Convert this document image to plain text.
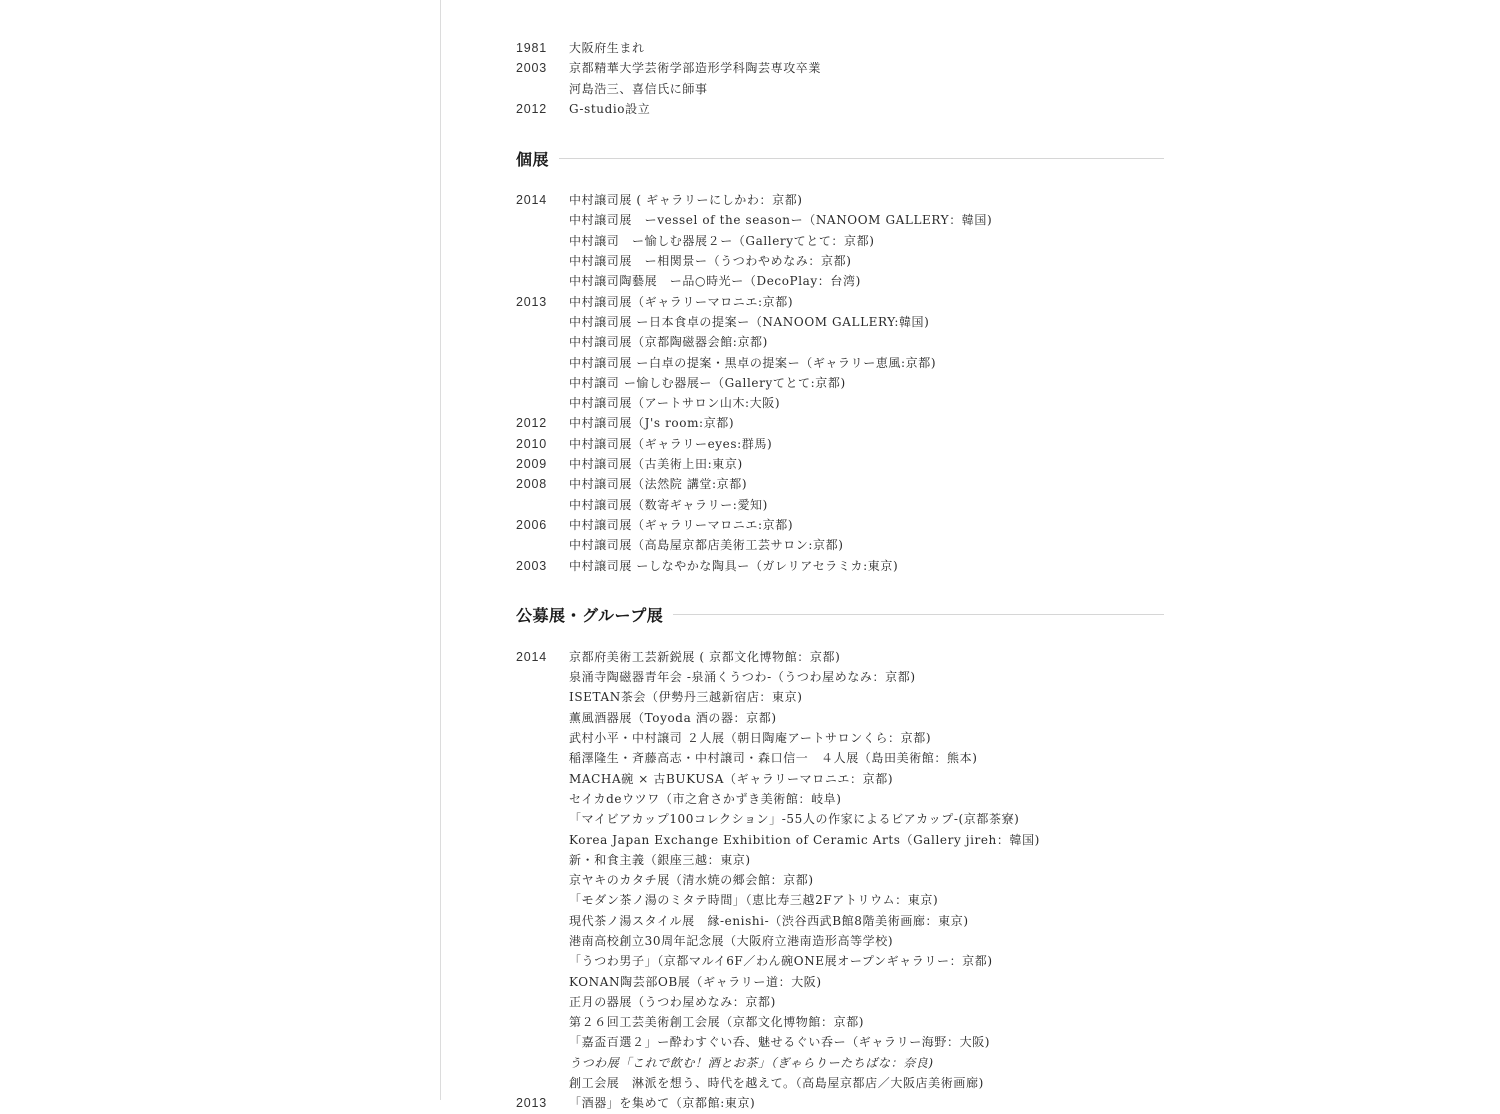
1981	大阪府生まれ
2003	京都精華大学芸術学部造形学科陶芸専攻卒業
河島浩三、喜信氏に師事
2012	G-studio設立
個展
2014	中村譲司展 ( ギャラリーにしかわ：京都)
中村譲司展　ーvessel of the seasonー（NANOOM GALLERY：韓国)
中村譲司　ー愉しむ器展２ー（Galleryてとて：京都)
中村譲司展　ー相関景ー（うつわやめなみ：京都)
中村譲司陶藝展　ー品○時光ー（DecoPlay：台湾)
2013	中村譲司展（ギャラリーマロニエ:京都)
中村譲司展 ー日本食卓の提案ー（NANOOM GALLERY:韓国)
中村譲司展（京都陶磁器会館:京都)
中村譲司展 ー白卓の提案・黒卓の提案ー（ギャラリー恵風:京都)
中村譲司 ー愉しむ器展ー（Galleryてとて:京都)
中村譲司展（アートサロン山木:大阪)
2012	中村譲司展（J's room:京都)
2010	中村譲司展（ギャラリーeyes:群馬)
2009	中村譲司展（古美術上田:東京)
2008	中村譲司展（法然院 講堂:京都)
中村譲司展（数寄ギャラリー:愛知)
2006	中村譲司展（ギャラリーマロニエ:京都)
中村譲司展（高島屋京都店美術工芸サロン:京都)
2003	中村譲司展 ーしなやかな陶具ー（ガレリアセラミカ:東京)
公募展・グループ展
2014	京都府美術工芸新鋭展 ( 京都文化博物館：京都)
泉涌寺陶磁器青年会 -泉涌くうつわ-（うつわ屋めなみ：京都)
ISETAN茶会（伊勢丹三越新宿店：東京)
薫風酒器展（Toyoda 酒の器：京都)
武村小平・中村譲司 ２人展（朝日陶庵アートサロンくら：京都)
稲澤隆生・斉藤高志・中村譲司・森口信一　４人展（島田美術館：熊本)
MACHA碗 × 古BUKUSA（ギャラリーマロニエ：京都)
セイカdeウツワ（市之倉さかずき美術館：岐阜)
「マイビアカップ100コレクション」-55人の作家によるビアカップ-(京都茶寮)
Korea Japan Exchange Exhibition of Ceramic Arts（Gallery jireh：韓国)
新・和食主義（銀座三越：東京)
京ヤキのカタチ展（清水焼の郷会館：京都)
「モダン茶ノ湯のミタテ時間」（恵比寿三越2Fアトリウム：東京)
現代茶ノ湯スタイル展　縁-enishi-（渋谷西武B館8階美術画廊：東京)
港南高校創立30周年記念展（大阪府立港南造形高等学校)
「うつわ男子」（京都マルイ6F／わん碗ONE展オープンギャラリー：京都)
KONAN陶芸部OB展（ギャラリー道：大阪)
正月の器展（うつわ屋めなみ：京都)
第２６回工芸美術創工会展（京都文化博物館：京都)
「嘉盃百選２」ー酔わすぐい呑、魅せるぐい呑ー（ギャラリー海野：大阪)
うつわ展「これで飲む！酒とお茶」（ぎゃらりーたちばな：奈良)
創工会展　淋派を想う、時代を越えて。（高島屋京都店／大阪店美術画廊)
2013	「酒器」を集めて（京都館:東京)
